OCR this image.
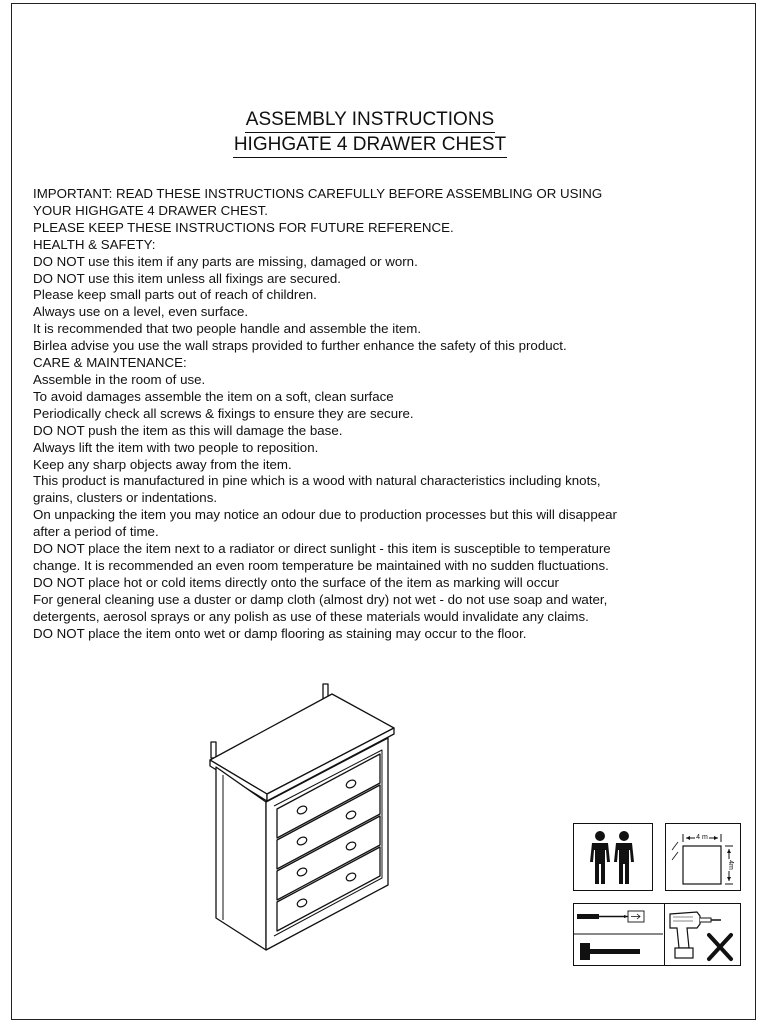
ASSEMBLY INSTRUCTIONS
HIGHGATE 4 DRAWER CHEST

IMPORTANT: READ THESE INSTRUCTIONS CAREFULLY BEFORE ASSEMBLING OR USING

YOUR HIGHGATE 4 DRAWER CHEST.

PLEASE KEEP THESE INSTRUCTIONS FOR FUTURE REFERENCE.

HEALTH & SAFETY:

DO NOT use this item if any parts are missing, damaged or worn.

DO NOT use this item unless all fixings are secured.

Please keep small parts out of reach of children.

Always use on a level, even surface.

It is recommended that two people handle and assemble the item.

Birlea advise you use the wall straps provided to further enhance the safety of this product.

CARE & MAINTENANCE:

Assemble in the room of use.

To avoid damages assemble the item on a soft, clean surface

Periodically check all screws & fixings to ensure they are secure.

DO NOT push the item as this will damage the base.

Always lift the item with two people to reposition.

Keep any sharp objects away from the item.

This product is manufactured in pine which is a wood with natural characteristics including knots,

grains, clusters or indentations.

On unpacking the item you may notice an odour due to production processes but this will disappear

after a period of time.

DO NOT place the item next to a radiator or direct sunlight - this item is susceptible to temperature

change. It is recommended an even room temperature be maintained with no sudden fluctuations.

DO NOT place hot or cold items directly onto the surface of the item as marking will occur

For general cleaning use a duster or damp cloth (almost dry) not wet - do not use soap and water,

detergents, aerosol sprays or any polish as use of these materials would invalidate any claims.

DO NOT place the item onto wet or damp flooring as staining may occur to the floor.

4 m
4m
